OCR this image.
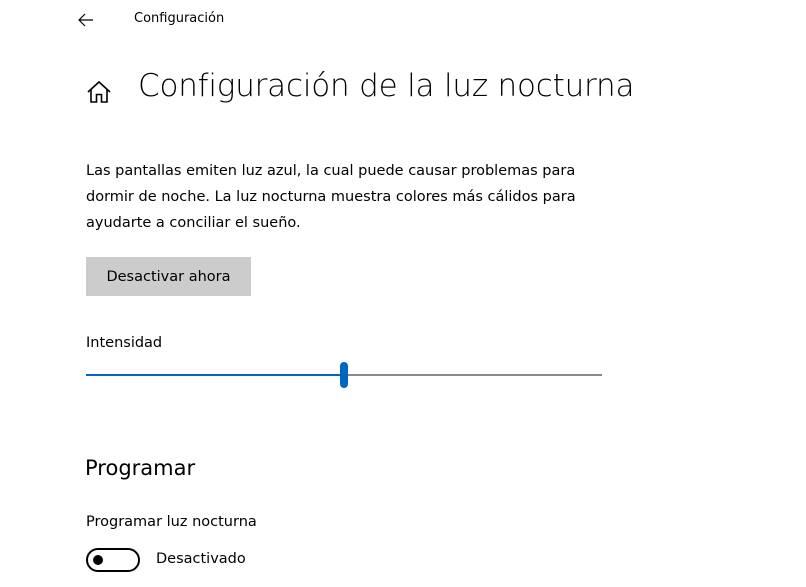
Configuración
Configuración de la luz nocturna
Las pantallas emiten luz azul, la cual puede causar problemas para dormir de noche. La luz nocturna muestra colores más cálidos para ayudarte a conciliar el sueño.
Desactivar ahora
Intensidad
Programar
Programar luz nocturna
Desactivado
